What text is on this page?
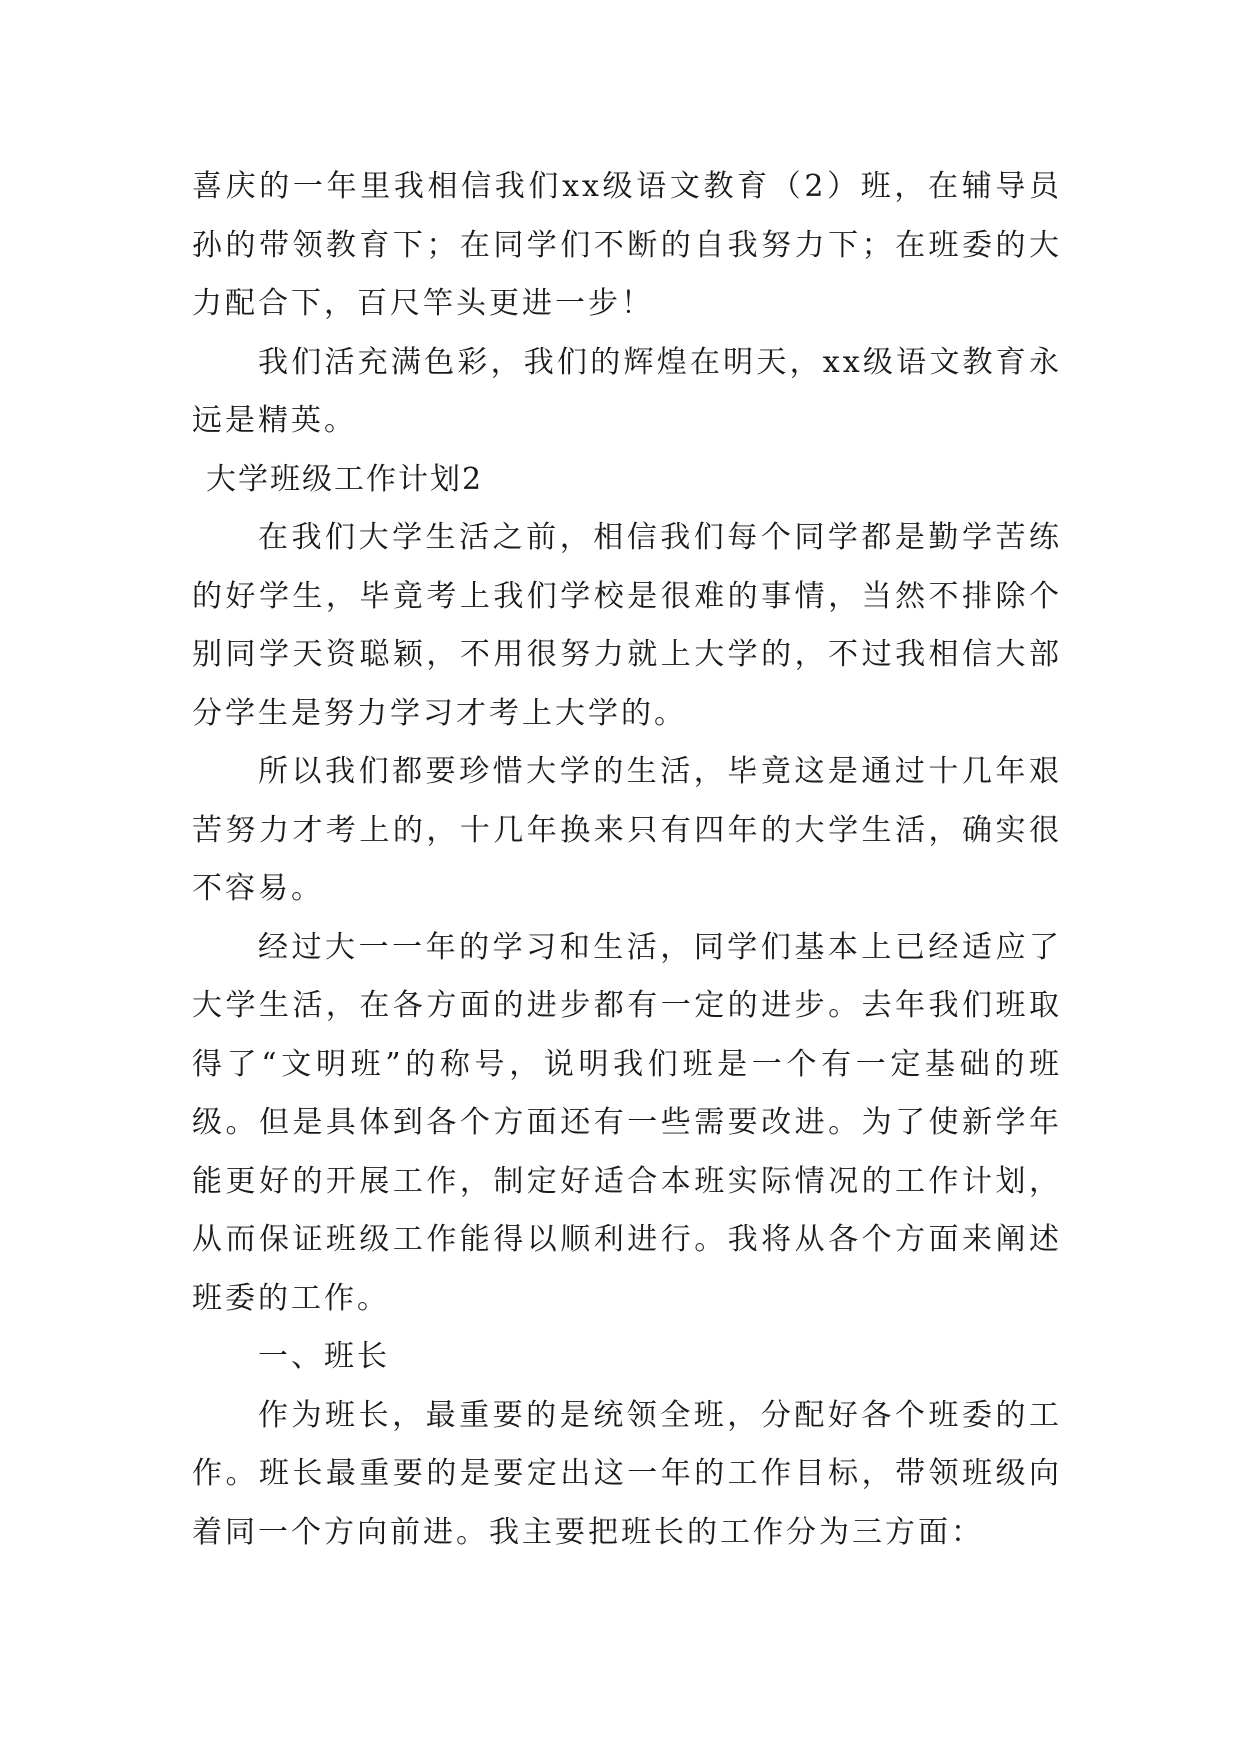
喜庆的一年里我相信我们xx级语文教育（2）班，在辅导员孙的带领教育下；在同学们不断的自我努力下；在班委的大力配合下，百尺竿头更进一步！

我们活充满色彩，我们的辉煌在明天，xx级语文教育永远是精英。

大学班级工作计划2

在我们大学生活之前，相信我们每个同学都是勤学苦练的好学生，毕竟考上我们学校是很难的事情，当然不排除个别同学天资聪颖，不用很努力就上大学的，不过我相信大部分学生是努力学习才考上大学的。

所以我们都要珍惜大学的生活，毕竟这是通过十几年艰苦努力才考上的，十几年换来只有四年的大学生活，确实很不容易。

经过大一一年的学习和生活，同学们基本上已经适应了大学生活，在各方面的进步都有一定的进步。去年我们班取得了“文明班”的称号，说明我们班是一个有一定基础的班级。但是具体到各个方面还有一些需要改进。为了使新学年能更好的开展工作，制定好适合本班实际情况的工作计划，从而保证班级工作能得以顺利进行。我将从各个方面来阐述班委的工作。

一、班长

作为班长，最重要的是统领全班，分配好各个班委的工作。班长最重要的是要定出这一年的工作目标，带领班级向着同一个方向前进。我主要把班长的工作分为三方面：
